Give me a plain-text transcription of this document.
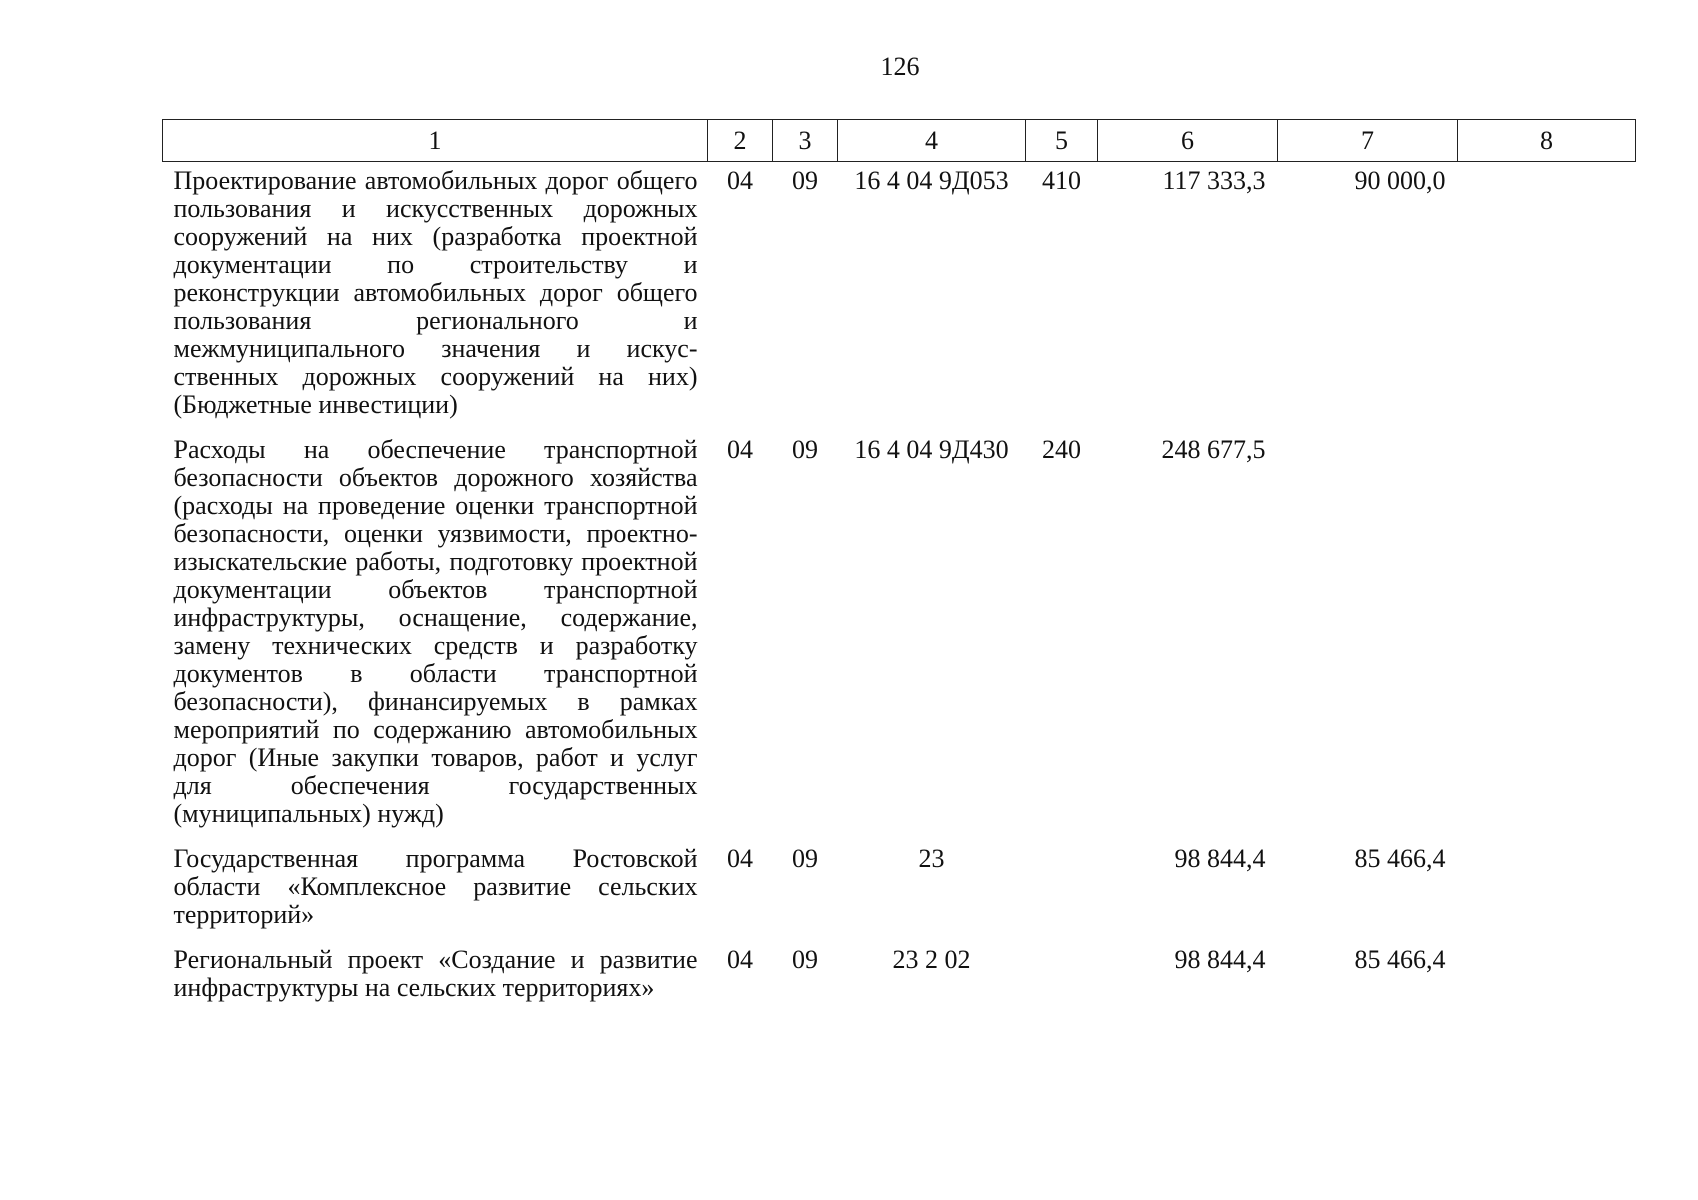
126
1	2	3	4	5	6	7	8
Проектирование автомобильных дорог общего пользования и искусственных дорожных сооружений на них (разработка проектной документации по строительству и реконструкции автомобильных дорог общего пользования регионального и межмуниципального значения и искусственных дорожных сооружений на них) (Бюджетные инвестиции)	04	09	16 4 04 9Д053	410	117 333,3	90 000,0	
Расходы на обеспечение транспортной безопасности объектов дорожного хозяйства (расходы на проведение оценки транспортной безопасности, оценки уязвимости, проектно-изыскательские работы, подготовку проектной документации объектов транспортной инфраструктуры, оснащение, содержание, замену технических средств и разработку документов в области транспортной безопасности), финансируемых в рамках мероприятий по содержанию автомобильных дорог (Иные закупки товаров, работ и услуг для обеспечения государственных (муниципальных) нужд)	04	09	16 4 04 9Д430	240	248 677,5		
Государственная программа Ростовской области «Комплексное развитие сельских территорий»	04	09	23		98 844,4	85 466,4	
Региональный проект «Создание и развитие инфраструктуры на сельских территориях»	04	09	23 2 02		98 844,4	85 466,4	
